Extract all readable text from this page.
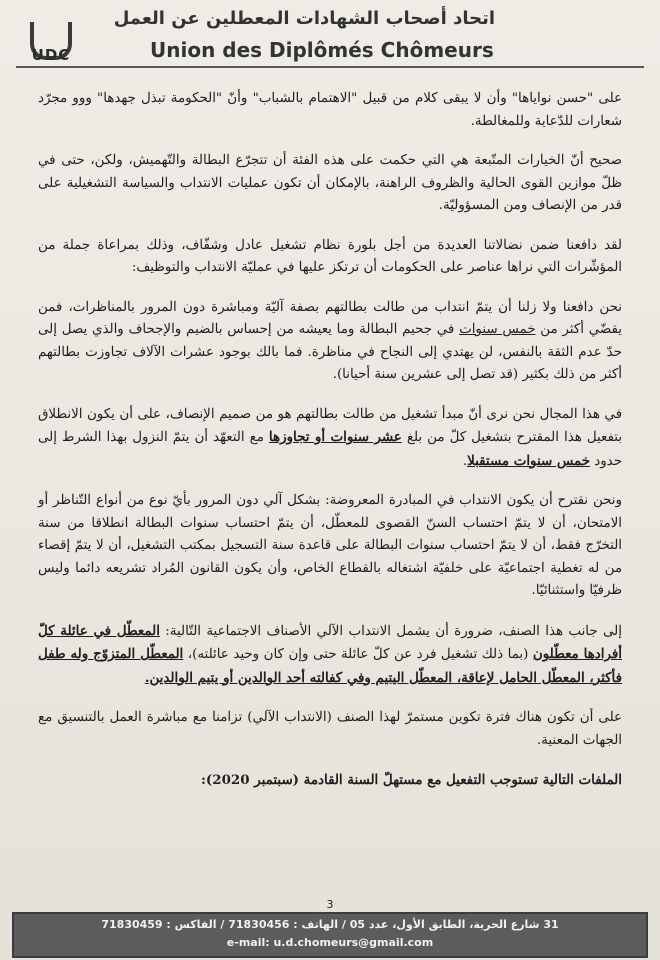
UDC
اتحاد أصحاب الشهادات المعطلين عن العمل
Union des Diplômés Chômeurs

على "حسن نواياها" وأن لا يبقى كلام من قبيل "الاهتمام بالشباب" وأنّ "الحكومة تبذل جهدها" ووو مجرّد شعارات للدّعاية وللمغالطة.

صحيح أنّ الخيارات المتّبعة هي التي حكمت على هذه الفئة أن تتجرّع البطالة والتّهميش، ولكن، حتى في ظلّ موازين القوى الحالية والظروف الراهنة، بالإمكان أن تكون عمليات الانتداب والسياسة التشغيلية على قدر من الإنصاف ومن المسؤوليّة.

لقد دافعنا ضمن نضالاتنا العديدة من أجل بلورة نظام تشغيل عادل وشفّاف، وذلك بمراعاة جملة من المؤشّرات التي نراها عناصر على الحكومات أن ترتكز عليها في عمليّة الانتداب والتوظيف:

نحن دافعنا ولا زلنا أن يتمّ انتداب من طالت بطالتهم بصفة آليّة ومباشرة دون المرور بالمناظرات، فمن يقضّي أكثر من خمس سنوات في جحيم البطالة وما يعيشه من إحساس بالضيم والإجحاف والذي يصل إلى حدّ عدم الثقة بالنفس، لن يهتدي إلى النجاح في مناظرة. فما بالك بوجود عشرات الآلاف تجاوزت بطالتهم أكثر من ذلك بكثير (قد تصل إلى عشرين سنة أحيانا).

في هذا المجال نحن نرى أنّ مبدأ تشغيل من طالت بطالتهم هو من صميم الإنصاف، على أن يكون الانطلاق بتفعيل هذا المقترح بتشغيل كلّ من بلغ عشر سنوات أو تجاوزها مع التعهّد أن يتمّ النزول بهذا الشرط إلى حدود خمس سنوات مستقبلا.

ونحن نقترح أن يكون الانتداب في المبادرة المعروضة: بشكل آلي دون المرور بأيّ نوع من أنواع التّناظر أو الامتحان، أن لا يتمّ احتساب السنّ القصوى للمعطّل، أن يتمّ احتساب سنوات البطالة انطلاقا من سنة التخرّج فقط، أن لا يتمّ احتساب سنوات البطالة على قاعدة سنة التسجيل بمكتب التشغيل، أن لا يتمّ إقصاء من له تغطية اجتماعيّة على خلفيّة اشتغاله بالقطاع الخاص، وأن يكون القانون المُراد تشريعه دائما وليس ظرفيّا واستثنائيّا.

إلى جانب هذا الصنف، ضرورة أن يشمل الانتداب الآلي الأصناف الاجتماعية التّالية: المعطّل في عائلة كلّ أفرادها معطّلون (بما ذلك تشغيل فرد عن كلّ عائلة حتى وإن كان وحيد عائلته)، المعطّل المتزوّج وله طفل فأكثر، المعطّل الحامل لإعاقة، المعطّل اليتيم وفي كفالته أحد الوالدين أو يتيم الوالدين.

على أن تكون هناك فترة تكوين مستمرّ لهذا الصنف (الانتداب الآلي) تزامنا مع مباشرة العمل بالتنسيق مع الجهات المعنية.

الملفات التالية تستوجب التفعيل مع مستهلّ السنة القادمة (سبتمبر 2020):

3
31 شارع الحرية، الطابق الأول، عدد 05 / الهاتف : 71830456 / الفاكس : 71830459
e-mail: u.d.chomeurs@gmail.com
